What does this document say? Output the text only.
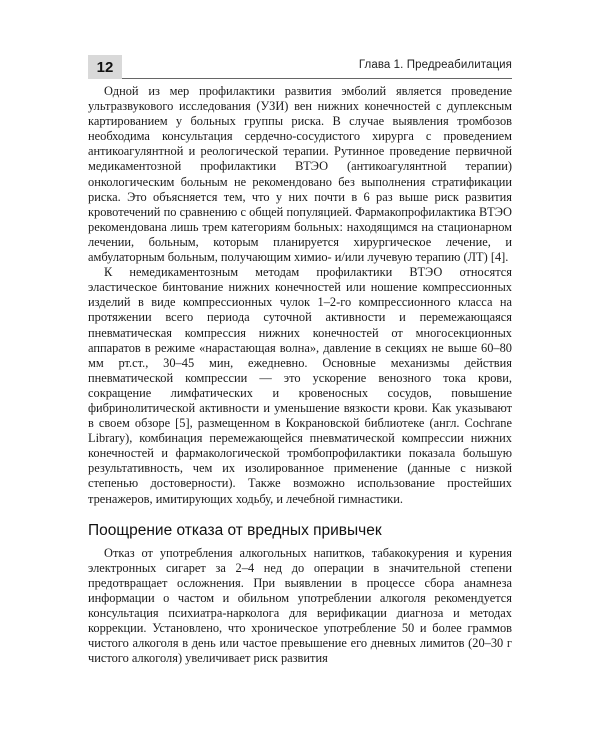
12	Глава 1. Предреабилитация

Одной из мер профилактики развития эмболий является проведение ультразвукового исследования (УЗИ) вен нижних конечностей с дуплексным картированием у больных группы риска. В случае выявления тромбозов необходима консультация сердечно-сосудистого хирурга с проведением антикоагулянтной и реологической терапии. Рутинное проведение первичной медикаментозной профилактики ВТЭО (антикоагулянтной терапии) онкологическим больным не рекомендовано без выполнения стратификации риска. Это объясняется тем, что у них почти в 6 раз выше риск развития кровотечений по сравнению с общей популяцией. Фармакопрофилактика ВТЭО рекомендована лишь трем категориям больных: находящимся на стационарном лечении, больным, которым планируется хирургическое лечение, и амбулаторным больным, получающим химио- и/или лучевую терапию (ЛТ) [4].

К немедикаментозным методам профилактики ВТЭО относятся эластическое бинтование нижних конечностей или ношение компрессионных изделий в виде компрессионных чулок 1–2-го компрессионного класса на протяжении всего периода суточной активности и перемежающаяся пневматическая компрессия нижних конечностей от многосекционных аппаратов в режиме «нарастающая волна», давление в секциях не выше 60–80 мм рт.ст., 30–45 мин, ежедневно. Основные механизмы действия пневматической компрессии — это ускорение венозного тока крови, сокращение лимфатических и кровеносных сосудов, повышение фибринолитической активности и уменьшение вязкости крови. Как указывают в своем обзоре [5], размещенном в Кокрановской библиотеке (англ. Cochrane Library), комбинация перемежающейся пневматической компрессии нижних конечностей и фармакологической тромбопрофилактики показала большую результативность, чем их изолированное применение (данные с низкой степенью достоверности). Также возможно использование простейших тренажеров, имитирующих ходьбу, и лечебной гимнастики.

Поощрение отказа от вредных привычек

Отказ от употребления алкогольных напитков, табакокурения и курения электронных сигарет за 2–4 нед до операции в значительной степени предотвращает осложнения. При выявлении в процессе сбора анамнеза информации о частом и обильном употреблении алкоголя рекомендуется консультация психиатра-нарколога для верификации диагноза и методах коррекции. Установлено, что хроническое употребление 50 и более граммов чистого алкоголя в день или частое превышение его дневных лимитов (20–30 г чистого алкоголя) увеличивает риск развития
